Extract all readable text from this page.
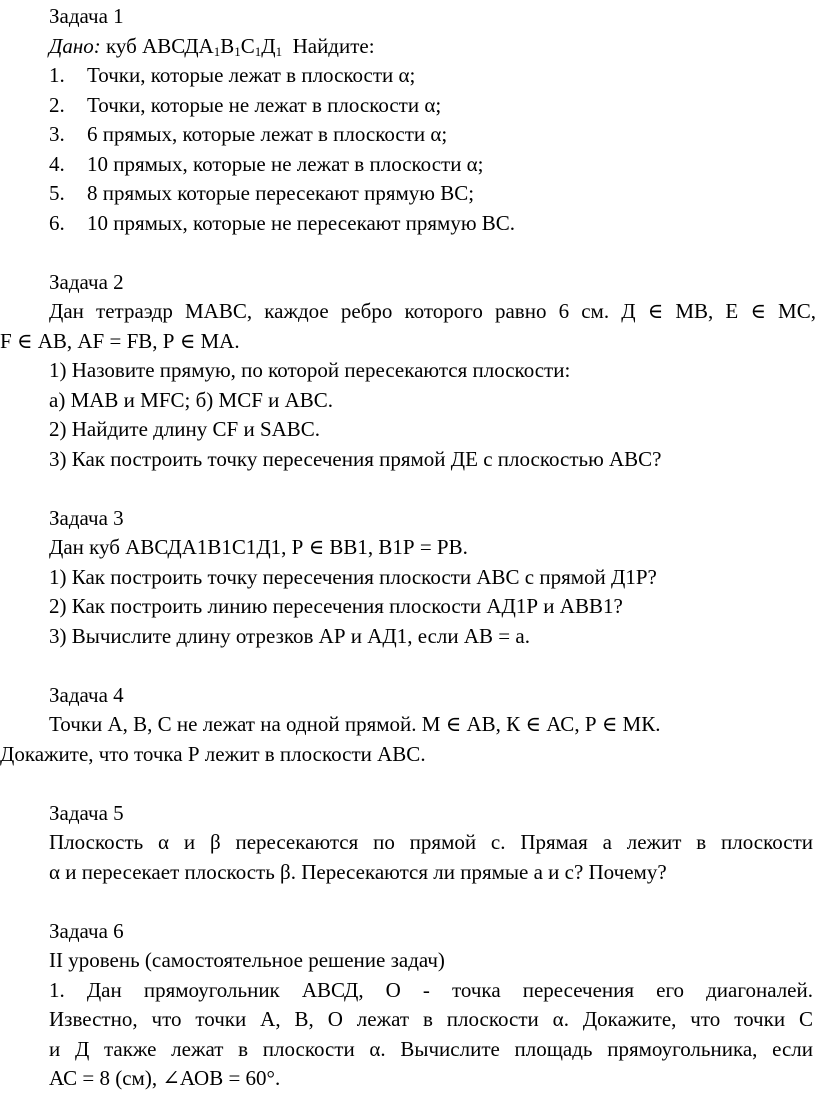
Задача 1
Дано: куб $АВСДА_1В_1С_1Д_1$  Найдите:
1. Точки, которые лежат в плоскости α;
2. Точки, которые не лежат в плоскости α;
3. 6 прямых, которые лежат в плоскости α;
4. 10 прямых, которые не лежат в плоскости α;
5. 8 прямых которые пересекают прямую ВС;
6. 10 прямых, которые не пересекают прямую ВС.
Задача 2
Дан тетраэдр МАВС, каждое ребро которого равно 6 см. Д ∈ МВ, Е ∈ МС,
F ∈ АВ, АF = FВ, Р ∈ МА.
1) Назовите прямую, по которой пересекаются плоскости:
а) МАВ и МFС; б) МСF и АВС.
2) Найдите длину СF и SАВС.
3) Как построить точку пересечения прямой ДЕ с плоскостью АВС?
Задача 3
Дан куб АВСДА1В1С1Д1, Р ∈ ВВ1, В1Р = РВ.
1) Как построить точку пересечения плоскости АВС с прямой Д1Р?
2) Как построить линию пересечения плоскости АД1Р и АВВ1?
3) Вычислите длину отрезков АР и АД1, если АВ = а.
Задача 4
Точки А, В, С не лежат на одной прямой. М ∈ АВ, К ∈ АС, Р ∈ МК.
Докажите, что точка Р лежит в плоскости АВС.
Задача 5
Плоскость α и β пересекаются по прямой с. Прямая а лежит в плоскости
α и пересекает плоскость β. Пересекаются ли прямые а и с? Почему?
Задача 6
II уровень (самостоятельное решение задач)
1. Дан прямоугольник АВСД, О - точка пересечения его диагоналей.
Известно, что точки А, В, О лежат в плоскости α. Докажите, что точки С
и Д также лежат в плоскости α. Вычислите площадь прямоугольника, если
АС = 8 (см), ∠АОВ = 60°.
